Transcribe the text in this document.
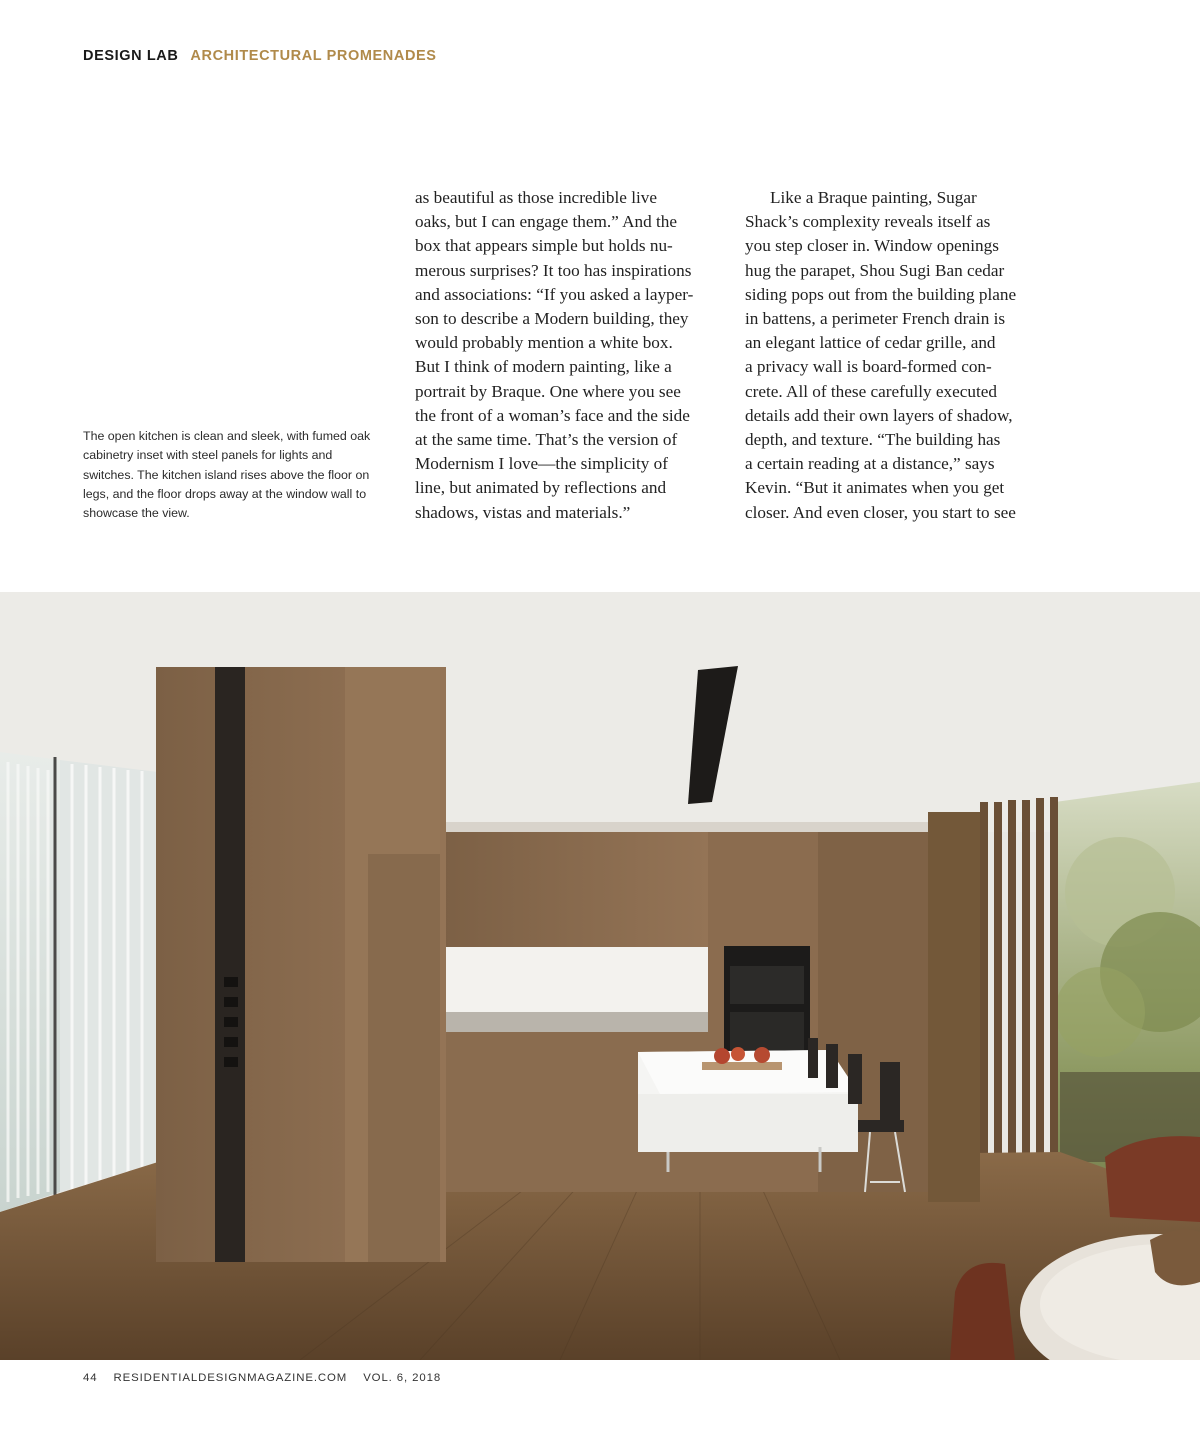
DESIGN LAB ARCHITECTURAL PROMENADES
The open kitchen is clean and sleek, with fumed oak cabinetry inset with steel panels for lights and switches. The kitchen island rises above the floor on legs, and the floor drops away at the window wall to showcase the view.
as beautiful as those incredible live
oaks, but I can engage them.” And the
box that appears simple but holds nu-
merous surprises? It too has inspirations
and associations: “If you asked a layper-
son to describe a Modern building, they
would probably mention a white box.
But I think of modern painting, like a
portrait by Braque. One where you see
the front of a woman’s face and the side
at the same time. That’s the version of
Modernism I love—the simplicity of
line, but animated by reflections and
shadows, vistas and materials.”
Like a Braque painting, Sugar
Shack’s complexity reveals itself as
you step closer in. Window openings
hug the parapet, Shou Sugi Ban cedar
siding pops out from the building plane
in battens, a perimeter French drain is
an elegant lattice of cedar grille, and
a privacy wall is board-formed con-
crete. All of these carefully executed
details add their own layers of shadow,
depth, and texture. “The building has
a certain reading at a distance,” says
Kevin. “But it animates when you get
closer. And even closer, you start to see
44 RESIDENTIALDESIGNMAGAZINE.COM VOL. 6, 2018
